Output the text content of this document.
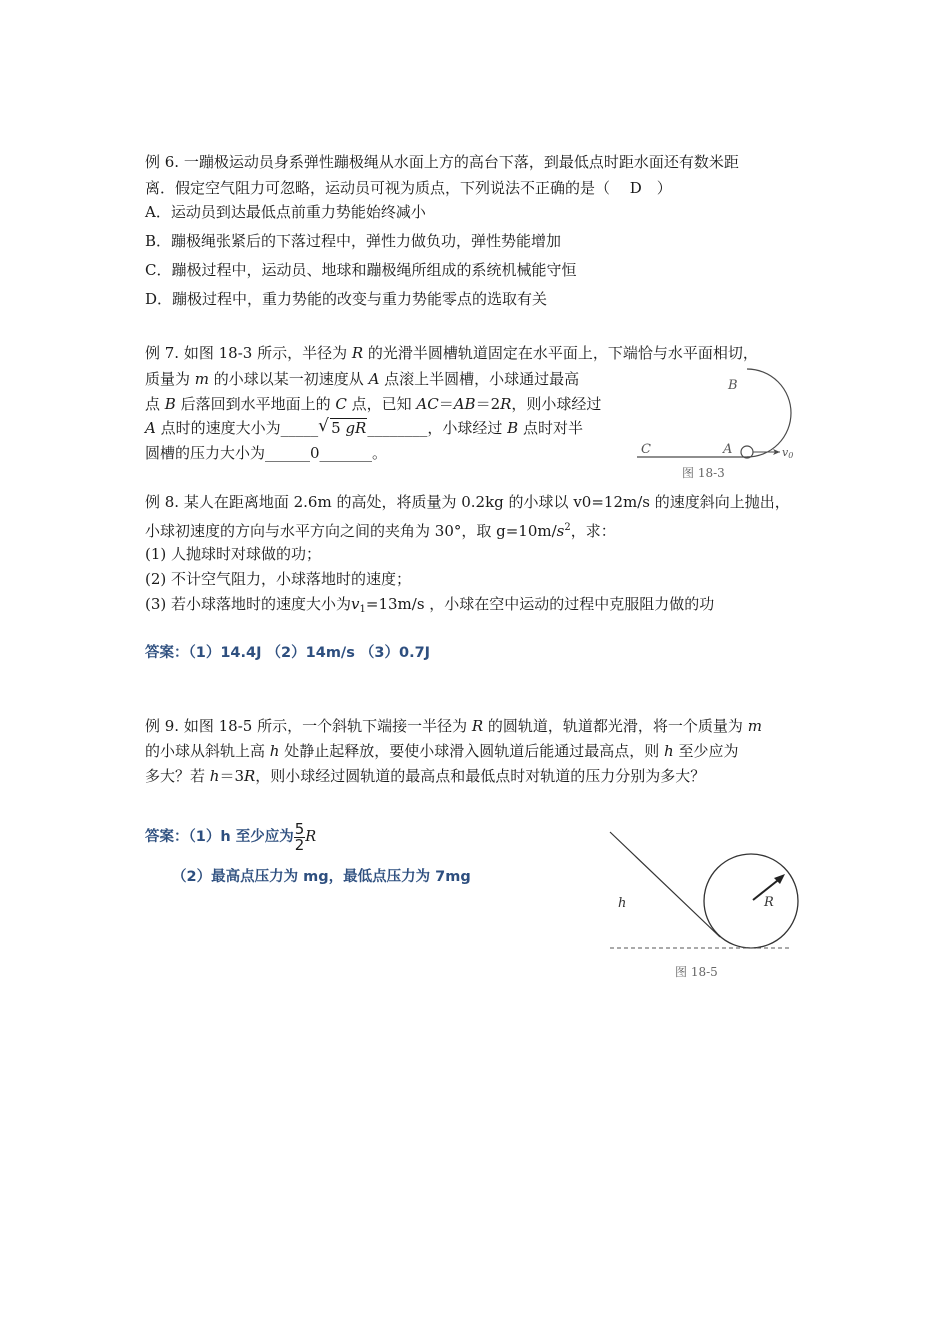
例 6. 一蹦极运动员身系弹性蹦极绳从水面上方的高台下落，到最低点时距水面还有数米距
离．假定空气阻力可忽略，运动员可视为质点，下列说法不正确的是（　 D　）
A．运动员到达最低点前重力势能始终减小
B．蹦极绳张紧后的下落过程中，弹性力做负功，弹性势能增加
C．蹦极过程中，运动员、地球和蹦极绳所组成的系统机械能守恒
D．蹦极过程中，重力势能的改变与重力势能零点的选取有关
例 7. 如图 18-3 所示，半径为 R 的光滑半圆槽轨道固定在水平面上，下端恰与水平面相切，
质量为 m 的小球以某一初速度从 A 点滚上半圆槽，小球通过最高
点 B 后落回到水平地面上的 C 点，已知 AC＝AB＝2R，则小球经过
A 点时的速度大小为_____ √ 5 gR________，小球经过 B 点时对半
圆槽的压力大小为______0_______。
B
A
C	v0
图 18-3
例 8. 某人在距离地面 2.6m 的高处，将质量为 0.2kg 的小球以 v0=12m/s 的速度斜向上抛出，
小球初速度的方向与水平方向之间的夹角为 30°，取 $g=10m/s^2$，求：
(1) 人抛球时对球做的功；
(2) 不计空气阻力，小球落地时的速度；
(3) 若小球落地时的速度大小为$v_1=13m/s$ ，小球在空中运动的过程中克服阻力做的功
答案：（1）14.4J （2）14m/s （3）0.7J
例 9. 如图 18-5 所示，一个斜轨下端接一半径为 R 的圆轨道，轨道都光滑，将一个质量为 m
的小球从斜轨上高 h 处静止起释放，要使小球滑入圆轨道后能通过最高点，则 h 至少应为
多大？若 h＝3R，则小球经过圆轨道的最高点和最低点时对轨道的压力分别为多大？
答案：（1）h 至少应为 $\frac{5}{2}$ R
（2）最高点压力为 mg，最低点压力为 7mg
R
h
图 18-5
